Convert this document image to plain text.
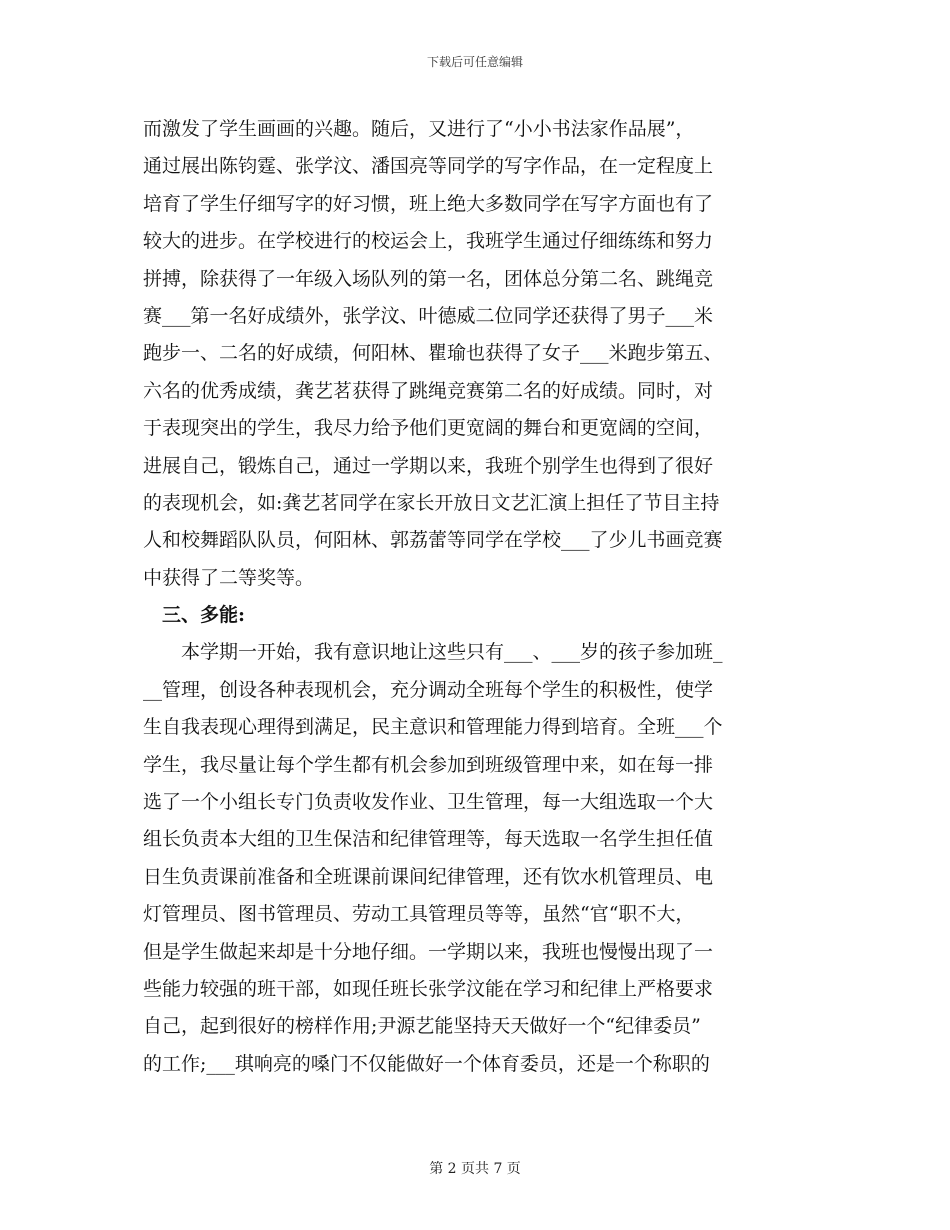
下载后可任意编辑
而激发了学生画画的兴趣。随后，又进行了“小小书法家作品展”，
通过展出陈钧霆、张学汶、潘国亮等同学的写字作品，在一定程度上
培育了学生仔细写字的好习惯，班上绝大多数同学在写字方面也有了
较大的进步。在学校进行的校运会上，我班学生通过仔细练练和努力
拼搏，除获得了一年级入场队列的第一名，团体总分第二名、跳绳竞
赛___第一名好成绩外，张学汶、叶德威二位同学还获得了男子___米
跑步一、二名的好成绩，何阳林、瞿瑜也获得了女子___米跑步第五、
六名的优秀成绩，龚艺茗获得了跳绳竞赛第二名的好成绩。同时，对
于表现突出的学生，我尽力给予他们更宽阔的舞台和更宽阔的空间，
进展自己，锻炼自己，通过一学期以来，我班个别学生也得到了很好
的表现机会，如:龚艺茗同学在家长开放日文艺汇演上担任了节目主持
人和校舞蹈队队员，何阳林、郭荔蕾等同学在学校___了少儿书画竞赛
中获得了二等奖等。
　三、多能:
　　本学期一开始，我有意识地让这些只有___、___岁的孩子参加班_
__管理，创设各种表现机会，充分调动全班每个学生的积极性，使学
生自我表现心理得到满足，民主意识和管理能力得到培育。全班___个
学生，我尽量让每个学生都有机会参加到班级管理中来，如在每一排
选了一个小组长专门负责收发作业、卫生管理，每一大组选取一个大
组长负责本大组的卫生保洁和纪律管理等，每天选取一名学生担任值
日生负责课前准备和全班课前课间纪律管理，还有饮水机管理员、电
灯管理员、图书管理员、劳动工具管理员等等，虽然“官“职不大，
但是学生做起来却是十分地仔细。一学期以来，我班也慢慢出现了一
些能力较强的班干部，如现任班长张学汶能在学习和纪律上严格要求
自己，起到很好的榜样作用;尹源艺能坚持天天做好一个“纪律委员”
的工作;___琪响亮的嗓门不仅能做好一个体育委员，还是一个称职的
第 2 页共 7 页
